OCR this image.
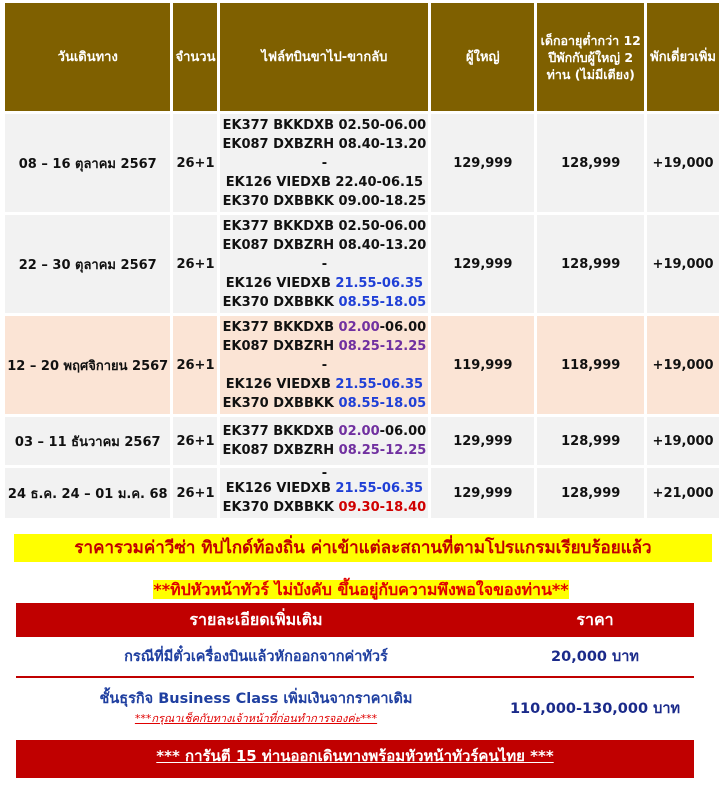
วันเดินทาง	จำนวน	ไฟล์ทบินขาไป-ขากลับ	ผู้ใหญ่	เด็กอายุต่ำกว่า 12 ปีพักกับผู้ใหญ่ 2 ท่าน (ไม่มีเตียง)	พักเดี่ยวเพิ่ม
08 – 16 ตุลาคม 2567	26+1	EK377 BKKDXB 02.50-06.00
EK087 DXBZRH 08.40-13.20
-
EK126 VIEDXB 22.40-06.15
EK370 DXBBKK 09.00-18.25	129,999	128,999	+19,000
22 – 30 ตุลาคม 2567	26+1	EK377 BKKDXB 02.50-06.00
EK087 DXBZRH 08.40-13.20
-
EK126 VIEDXB 21.55-06.35
EK370 DXBBKK 08.55-18.05	129,999	128,999	+19,000
12 – 20 พฤศจิกายน 2567	26+1	EK377 BKKDXB 02.00-06.00
EK087 DXBZRH 08.25-12.25
-
EK126 VIEDXB 21.55-06.35
EK370 DXBBKK 08.55-18.05	119,999	118,999	+19,000
03 – 11 ธันวาคม 2567	26+1	EK377 BKKDXB 02.00-06.00
EK087 DXBZRH 08.25-12.25	129,999	128,999	+19,000
24 ธ.ค. 24 – 01 ม.ค. 68	26+1	-
EK126 VIEDXB 21.55-06.35
EK370 DXBBKK 09.30-18.40	129,999	128,999	+21,000
ราคารวมค่าวีซ่า ทิปไกด์ท้องถิ่น ค่าเข้าแต่ละสถานที่ตามโปรแกรมเรียบร้อยแล้ว
**ทิปหัวหน้าทัวร์ ไม่บังคับ ขึ้นอยู่กับความพึงพอใจของท่าน**
รายละเอียดเพิ่มเติม	ราคา
กรณีที่มีตั๋วเครื่องบินแล้วหักออกจากค่าทัวร์	20,000 บาท
ชั้นธุรกิจ Business Class เพิ่มเงินจากราคาเดิม
***กรุณาเช็คกับทางเจ้าหน้าที่ก่อนทำการจองค่ะ***
110,000-130,000 บาท
*** การันตี 15 ท่านออกเดินทางพร้อมหัวหน้าทัวร์คนไทย ***
